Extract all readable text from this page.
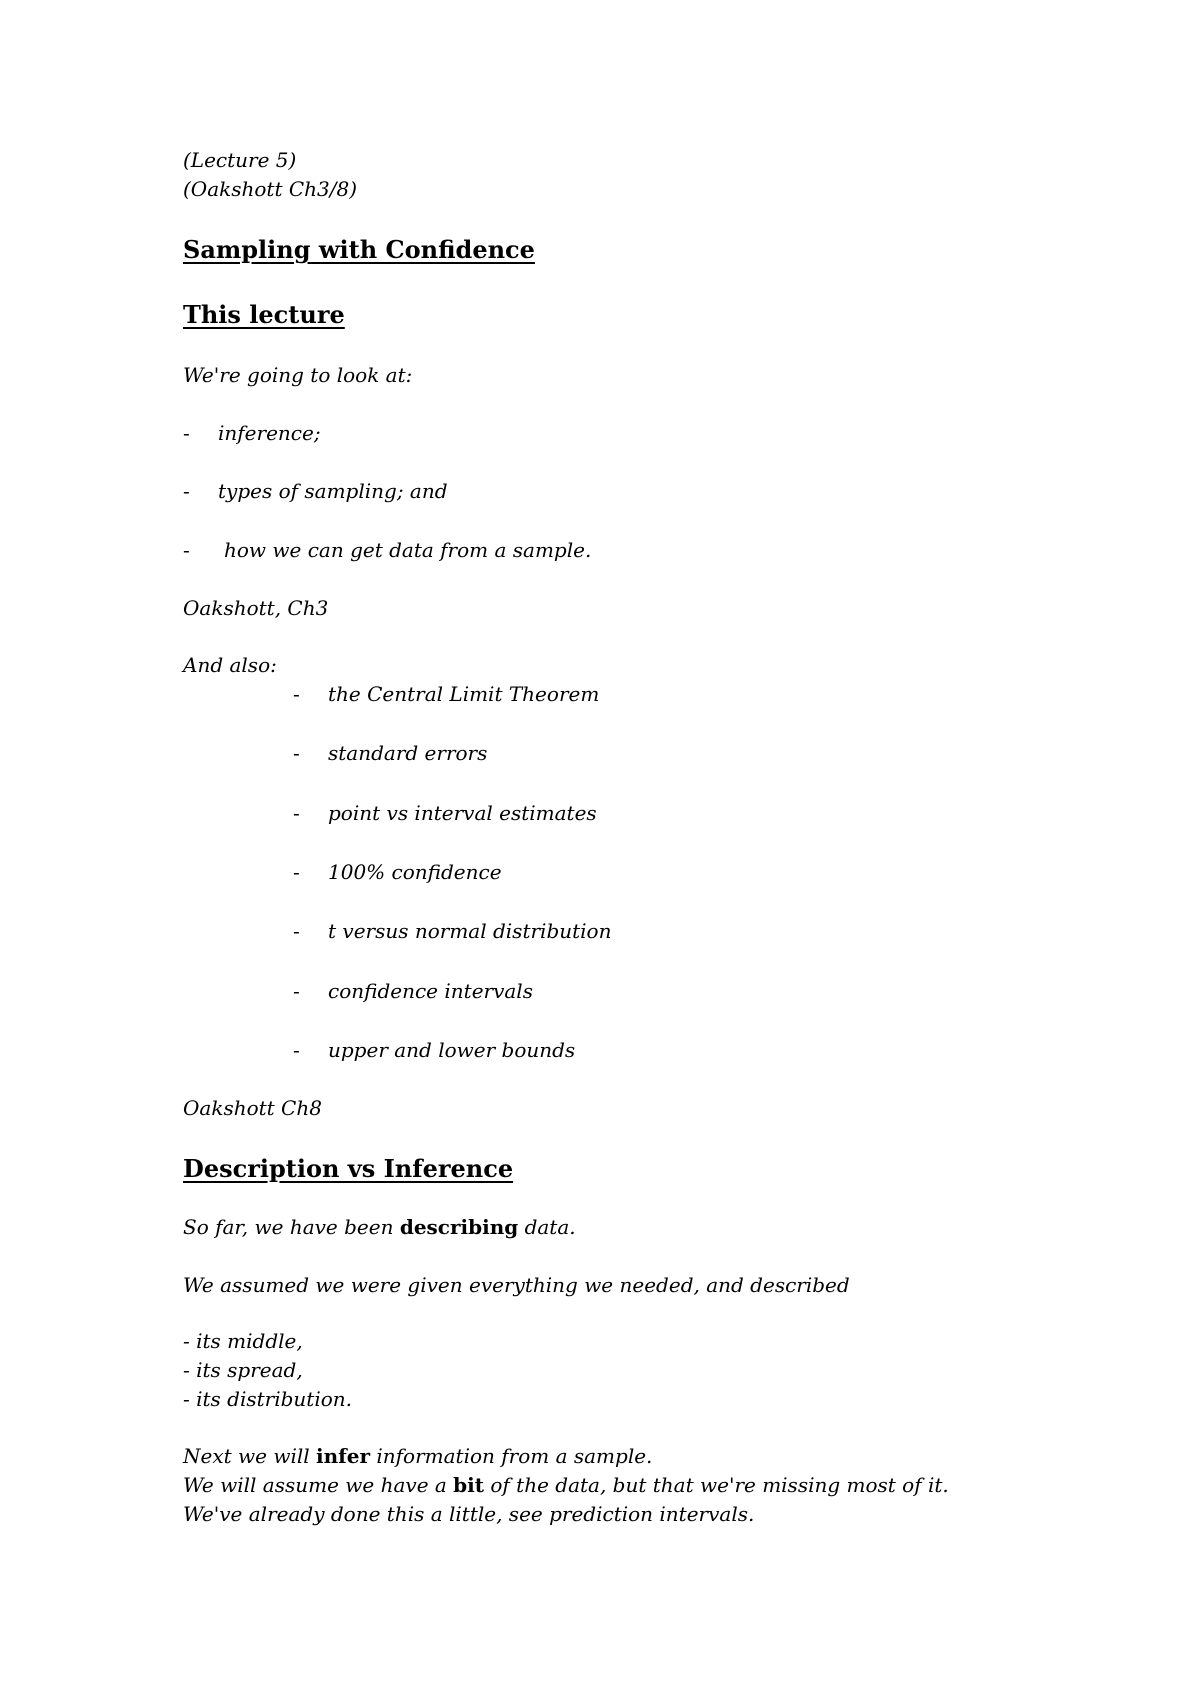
(Lecture 5)
(Oakshott Ch3/8)
Sampling with Confidence
This lecture
We're going to look at:
- inference;
- types of sampling; and
- how we can get data from a sample.
Oakshott, Ch3
And also:
- the Central Limit Theorem
- standard errors
- point vs interval estimates
- 100% confidence
- t versus normal distribution
- confidence intervals
- upper and lower bounds
Oakshott Ch8
Description vs Inference
So far, we have been describing data.
We assumed we were given everything we needed, and described
- its middle,
- its spread,
- its distribution.
Next we will infer information from a sample.
We will assume we have a bit of the data, but that we're missing most of it.
We've already done this a little, see prediction intervals.
